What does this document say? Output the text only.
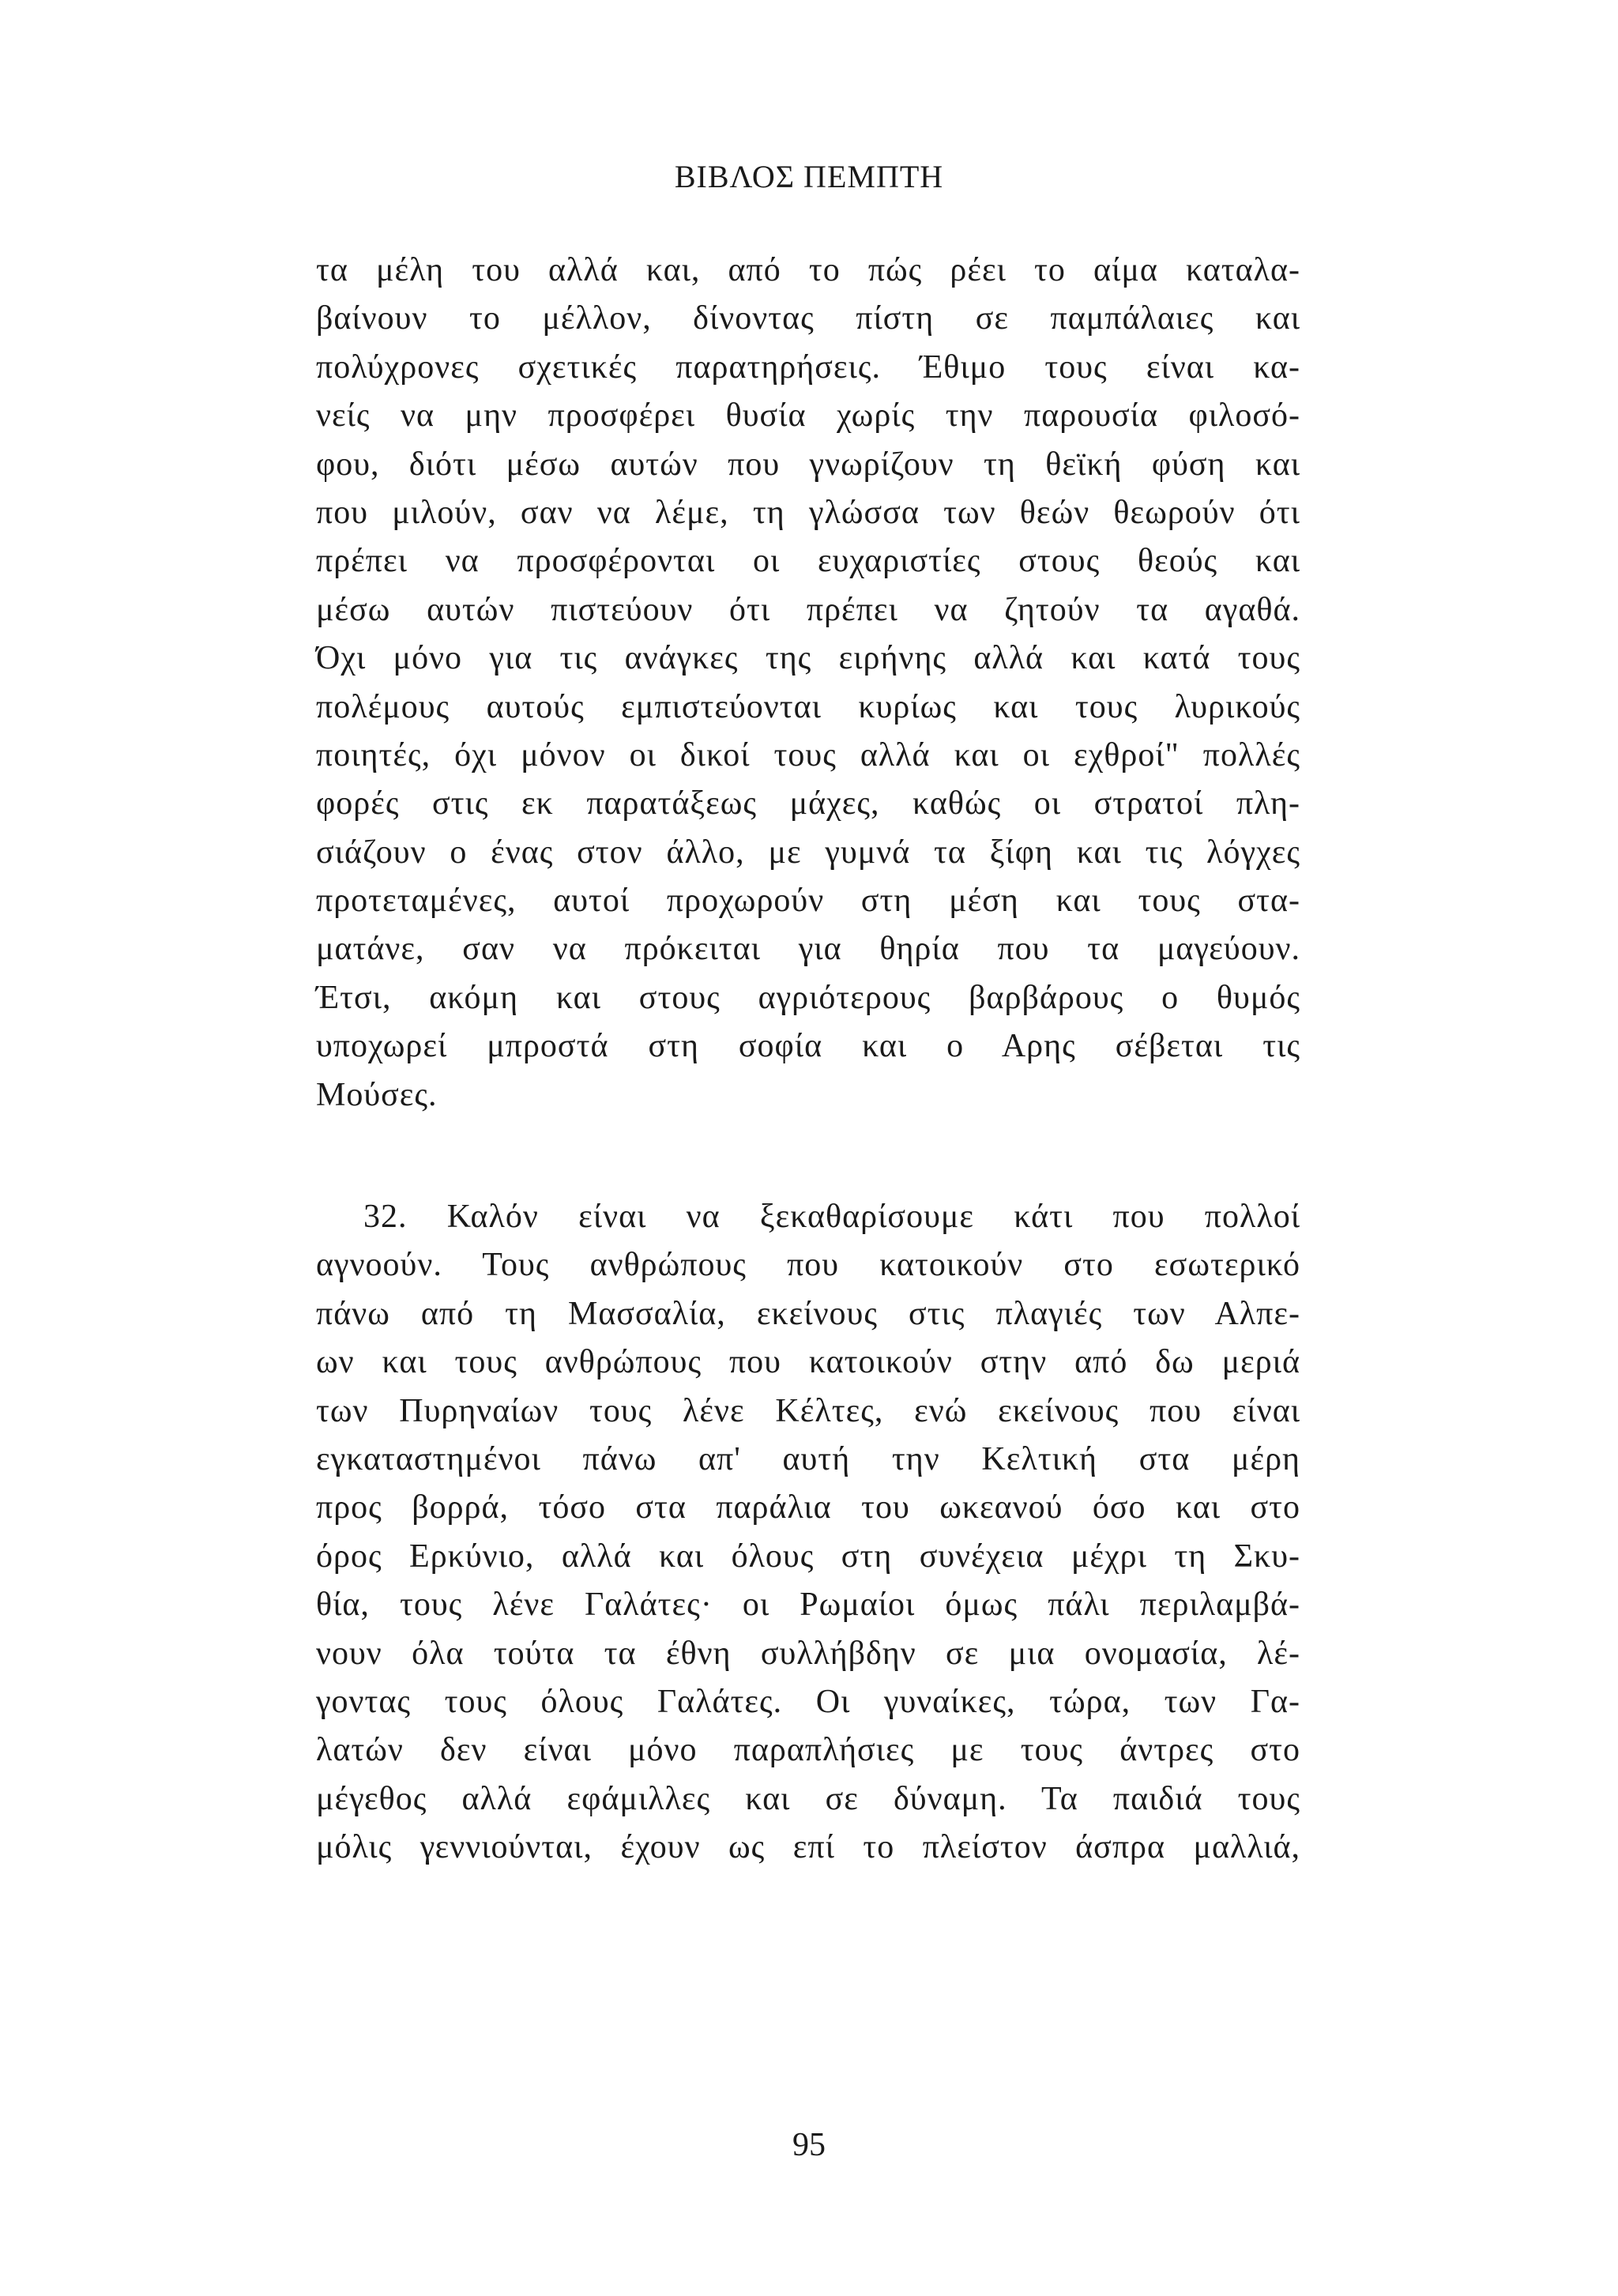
ΒΙΒΛΟΣ ΠΕΜΠΤΗ
τα μέλη του αλλά και, από το πώς ρέει το αίμα καταλα-
βαίνουν το μέλλον, δίνοντας πίστη σε παμπάλαιες και
πολύχρονες σχετικές παρατηρήσεις. Έθιμο τους είναι κα-
νείς να μην προσφέρει θυσία χωρίς την παρουσία φιλοσό-
φου, διότι μέσω αυτών που γνωρίζουν τη θεϊκή φύση και
που μιλούν, σαν να λέμε, τη γλώσσα των θεών θεωρούν ότι
πρέπει να προσφέρονται οι ευχαριστίες στους θεούς και
μέσω αυτών πιστεύουν ότι πρέπει να ζητούν τα αγαθά.
Όχι μόνο για τις ανάγκες της ειρήνης αλλά και κατά τους
πολέμους αυτούς εμπιστεύονται κυρίως και τους λυρικούς
ποιητές, όχι μόνον οι δικοί τους αλλά και οι εχθροί" πολλές
φορές στις εκ παρατάξεως μάχες, καθώς οι στρατοί πλη-
σιάζουν ο ένας στον άλλο, με γυμνά τα ξίφη και τις λόγχες
προτεταμένες, αυτοί προχωρούν στη μέση και τους στα-
ματάνε, σαν να πρόκειται για θηρία που τα μαγεύουν.
Έτσι, ακόμη και στους αγριότερους βαρβάρους ο θυμός
υποχωρεί μπροστά στη σοφία και ο Αρης σέβεται τις
Μούσες.
32. Καλόν είναι να ξεκαθαρίσουμε κάτι που πολλοί
αγνοούν. Τους ανθρώπους που κατοικούν στο εσωτερικό
πάνω από τη Μασσαλία, εκείνους στις πλαγιές των Αλπε-
ων και τους ανθρώπους που κατοικούν στην από δω μεριά
των Πυρηναίων τους λένε Κέλτες, ενώ εκείνους που είναι
εγκαταστημένοι πάνω απ' αυτή την Κελτική στα μέρη
προς βορρά, τόσο στα παράλια του ωκεανού όσο και στο
όρος Ερκύνιο, αλλά και όλους στη συνέχεια μέχρι τη Σκυ-
θία, τους λένε Γαλάτες· οι Ρωμαίοι όμως πάλι περιλαμβά-
νουν όλα τούτα τα έθνη συλλήβδην σε μια ονομασία, λέ-
γοντας τους όλους Γαλάτες. Οι γυναίκες, τώρα, των Γα-
λατών δεν είναι μόνο παραπλήσιες με τους άντρες στο
μέγεθος αλλά εφάμιλλες και σε δύναμη. Τα παιδιά τους
μόλις γεννιούνται, έχουν ως επί το πλείστον άσπρα μαλλιά,
95
